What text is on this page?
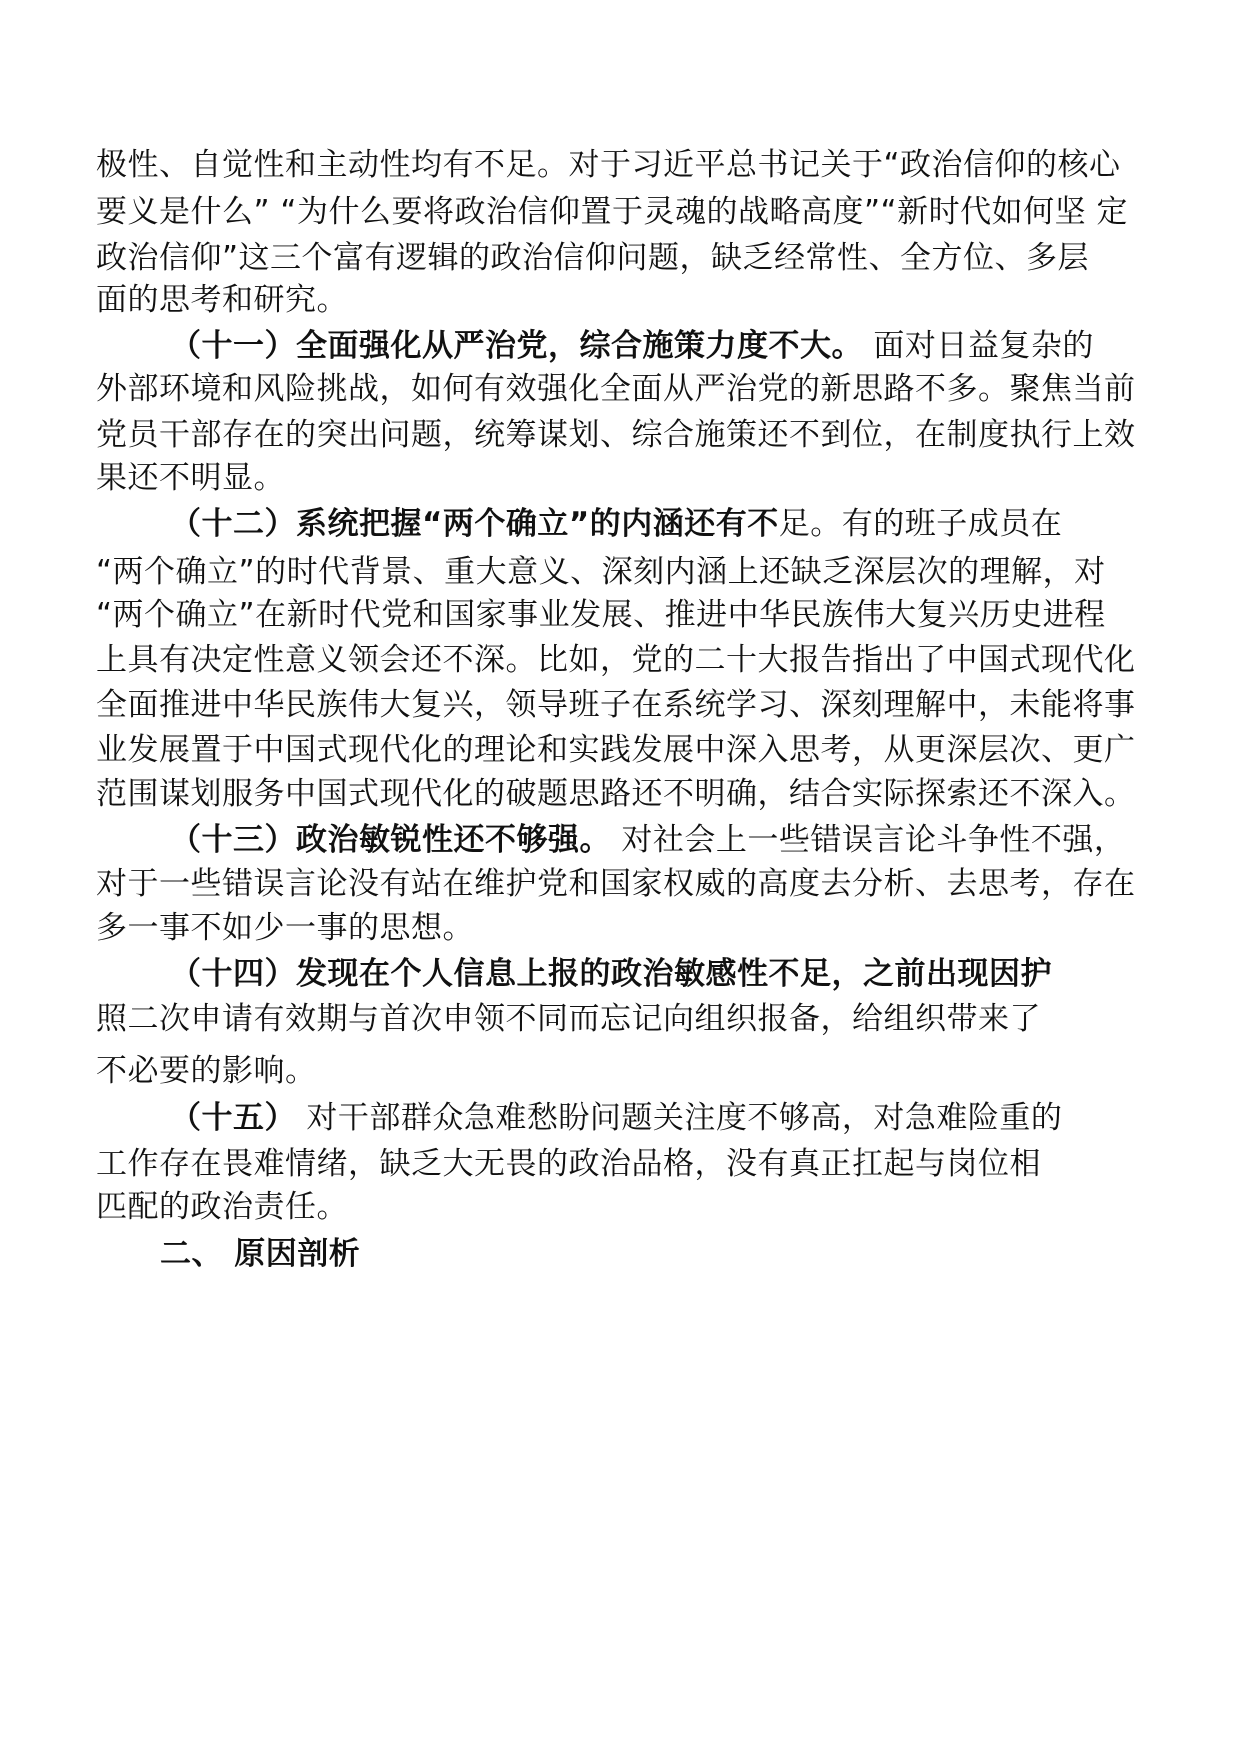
极性、自觉性和主动性均有不足。对于习近平总书记关于“政治信仰的核心
要义是什么” “为什么要将政治信仰置于灵魂的战略高度”“新时代如何坚 定
政治信仰”这三个富有逻辑的政治信仰问题，缺乏经常性、全方位、多层
面的思考和研究。
（十一）全面强化从严治党，综合施策力度不大。 面对日益复杂的
外部环境和风险挑战，如何有效强化全面从严治党的新思路不多。聚焦当前
党员干部存在的突出问题，统筹谋划、综合施策还不到位，在制度执行上效
果还不明显。
（十二）系统把握“两个确立”的内涵还有不足。有的班子成员在
“两个确立”的时代背景、重大意义、深刻内涵上还缺乏深层次的理解，对
“两个确立”在新时代党和国家事业发展、推进中华民族伟大复兴历史进程
上具有决定性意义领会还不深。比如，党的二十大报告指出了中国式现代化
全面推进中华民族伟大复兴，领导班子在系统学习、深刻理解中，未能将事
业发展置于中国式现代化的理论和实践发展中深入思考，从更深层次、更广
范围谋划服务中国式现代化的破题思路还不明确，结合实际探索还不深入。
（十三）政治敏锐性还不够强。 对社会上一些错误言论斗争性不强，
对于一些错误言论没有站在维护党和国家权威的高度去分析、去思考，存在
多一事不如少一事的思想。
（十四）发现在个人信息上报的政治敏感性不足，之前出现因护
照二次申请有效期与首次申领不同而忘记向组织报备，给组织带来了
不必要的影响。
（十五） 对干部群众急难愁盼问题关注度不够高，对急难险重的
工作存在畏难情绪，缺乏大无畏的政治品格，没有真正扛起与岗位相
匹配的政治责任。
二、 原因剖析
